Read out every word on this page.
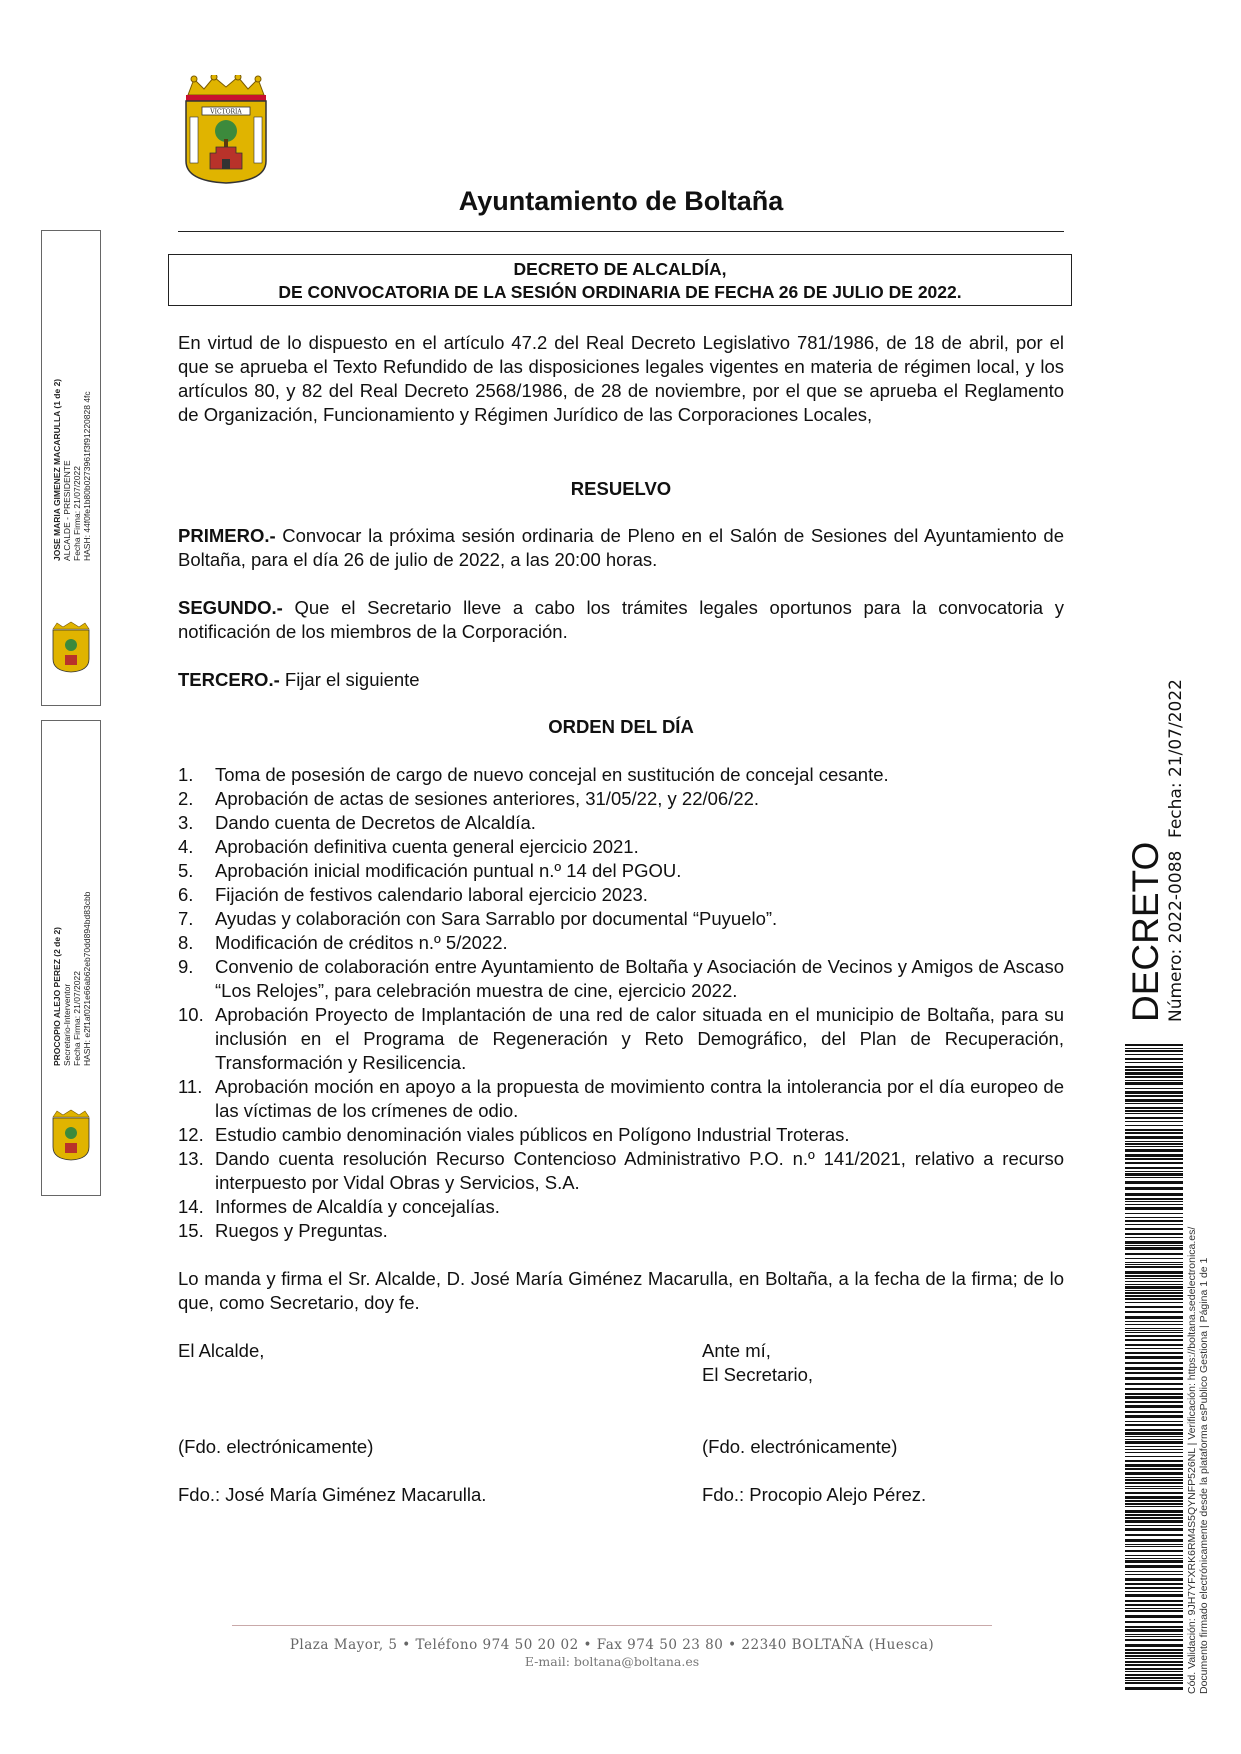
VICTORIA
Ayuntamiento de Boltaña
DECRETO DE ALCALDÍA,
DE CONVOCATORIA DE LA SESIÓN ORDINARIA DE FECHA 26 DE JULIO DE 2022.
En virtud de lo dispuesto en el artículo 47.2 del Real Decreto Legislativo 781/1986, de 18 de abril, por el que se aprueba el Texto Refundido de las disposiciones legales vigentes en materia de régimen local, y los artículos 80, y 82 del Real Decreto 2568/1986, de 28 de noviembre, por el que se aprueba el Reglamento de Organización, Funcionamiento y Régimen Jurídico de las Corporaciones Locales,
RESUELVO
PRIMERO.- Convocar la próxima sesión ordinaria de Pleno en el Salón de Sesiones del Ayuntamiento de Boltaña, para el día 26 de julio de 2022, a las 20:00 horas.
SEGUNDO.- Que el Secretario lleve a cabo los trámites legales oportunos para la convocatoria y notificación de los miembros de la Corporación.
TERCERO.- Fijar el siguiente
ORDEN DEL DÍA
1. Toma de posesión de cargo de nuevo concejal en sustitución de concejal cesante.
2. Aprobación de actas de sesiones anteriores, 31/05/22, y 22/06/22.
3. Dando cuenta de Decretos de Alcaldía.
4. Aprobación definitiva cuenta general ejercicio 2021.
5. Aprobación inicial modificación puntual n.º 14 del PGOU.
6. Fijación de festivos calendario laboral ejercicio 2023.
7. Ayudas y colaboración con Sara Sarrablo por documental “Puyuelo”.
8. Modificación de créditos n.º 5/2022.
9. Convenio de colaboración entre Ayuntamiento de Boltaña y Asociación de Vecinos y Amigos de Ascaso “Los Relojes”, para celebración muestra de cine, ejercicio 2022.
10. Aprobación Proyecto de Implantación de una red de calor situada en el municipio de Boltaña, para su inclusión en el Programa de Regeneración y Reto Demográfico, del Plan de Recuperación, Transformación y Resilicencia.
11. Aprobación moción en apoyo a la propuesta de movimiento contra la intolerancia por el día europeo de las víctimas de los crímenes de odio.
12. Estudio cambio denominación viales públicos en Polígono Industrial Troteras.
13. Dando cuenta resolución Recurso Contencioso Administrativo P.O. n.º 141/2021, relativo a recurso interpuesto por Vidal Obras y Servicios, S.A.
14. Informes de Alcaldía y concejalías.
15. Ruegos y Preguntas.
Lo manda y firma el Sr. Alcalde, D. José María Giménez Macarulla, en Boltaña, a la fecha de la firma; de lo que, como Secretario, doy fe.
El Alcalde,
(Fdo. electrónicamente)
Fdo.: José María Giménez Macarulla.
Ante mí,
El Secretario,
(Fdo. electrónicamente)
Fdo.: Procopio Alejo Pérez.
JOSE MARIA GIMENEZ MACARULLA (1 de 2)
ALCALDE - PRESIDENTE
Fecha Firma: 21/07/2022
HASH: 44f0fe1b80b0273961f3f91220828 4fc
PROCOPIO ALEJO PEREZ (2 de 2)
Secretario-Interventor
Fecha Firma: 21/07/2022
HASH: e2f1af021e66ab62eb70dd894bd83cbb	DECRETO Número: 2022-0088
Fecha: 21/07/2022
Cód. Validación: 9JH7YFXRK6RM4S5QYNFP526NL | Verificación: https://boltana.sedelectronica.es/ Documento firmado electrónicamente desde la plataforma esPublico Gestiona | Página 1 de 1
Plaza Mayor, 5 • Teléfono 974 50 20 02 • Fax 974 50 23 80 • 22340 BOLTAÑA (Huesca)
E-mail: boltana@boltana.es
